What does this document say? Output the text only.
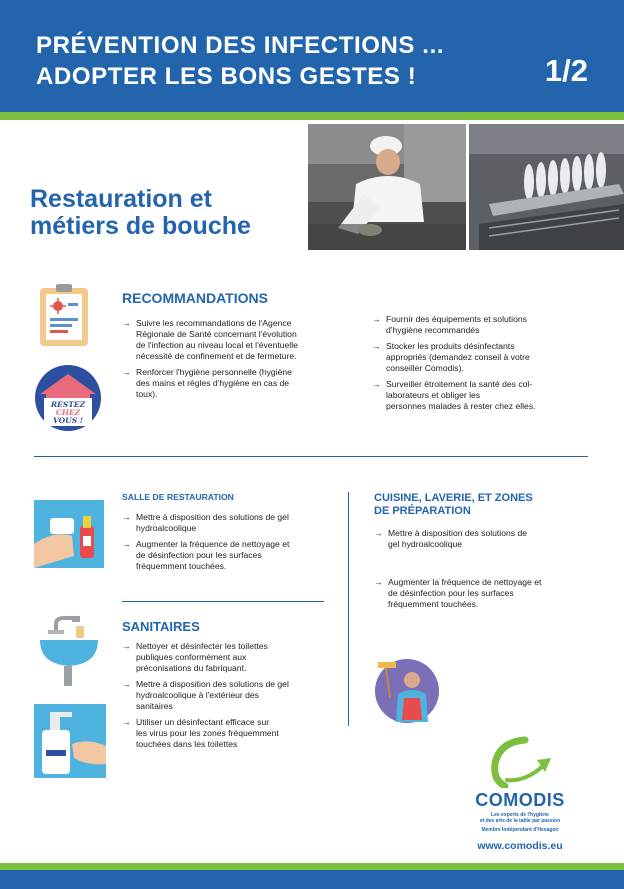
PRÉVENTION DES INFECTIONS ...
ADOPTER LES BONS GESTES !	1/2
Restauration et
métiers de bouche
RESTEZ
CHEZ
VOUS !
RECOMMANDATIONS
→ Suivre les recommandations de l'Agence
Régionale de Santé concernant l'évolution
de l'infection au niveau local et l'éventuelle
nécessité de confinement et de fermeture.
→ Renforcer l'hygiène personnelle (hygiène
des mains et règles d'hygiène en cas de
toux).
→ Fournir des équipements et solutions
d'hygiène recommandés
→ Stocker les produits désinfectants
appropriés (demandez conseil à votre
conseiller Comodis).
→ Surveiller étroitement la santé des col-
laborateurs et obliger les
personnes malades à rester chez elles.
SALLE DE RESTAURATION
→ Mettre à disposition des solutions de gel
hydroalcoolique
→ Augmenter la fréquence de nettoyage et
de désinfection pour les surfaces
fréquemment touchées.
SANITAIRES
→ Nettoyer et désinfecter les toilettes
publiques conformément aux
préconisations du fabriquant.
→ Mettre à disposition des solutions de gel
hydroalcoolique à l'extérieur des
sanitaires
→ Utiliser un désinfectant efficace sur
les virus pour les zones fréquemment
touchées dans les toilettes
CUISINE, LAVERIE, ET ZONES
DE PRÉPARATION
→ Mettre à disposition des solutions de
gel hydroalcoolique
→ Augmenter la fréquence de nettoyage et
de désinfection pour les surfaces
fréquemment touchées.
COMODIS
Les experts de l'hygiène
et des arts de la table par passion
Membre Indépendant d'Hexagon
www.comodis.eu
